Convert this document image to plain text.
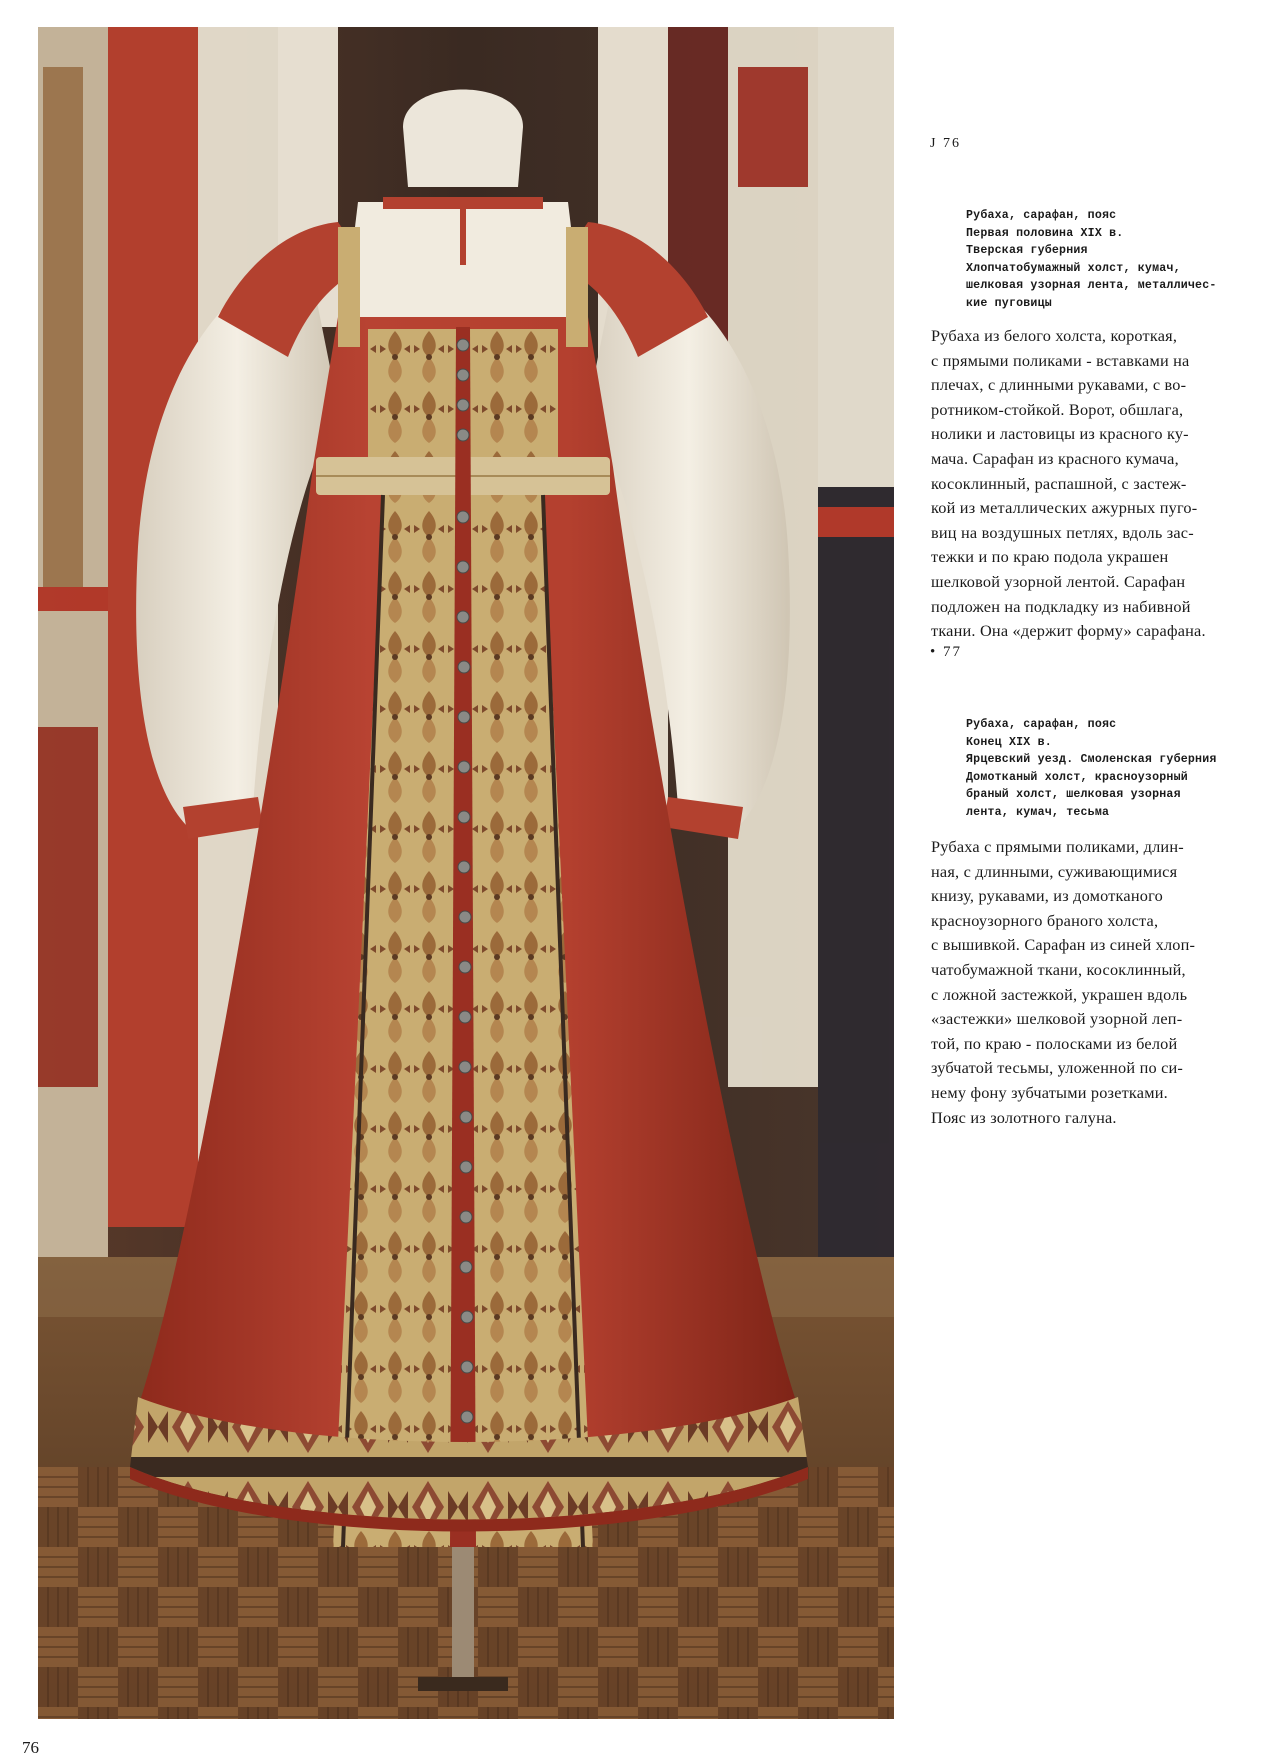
J 76
Рубаха, сарафан, пояс
Первая половина XIX в.
Тверская губерния
Хлопчатобумажный холст, кумач,
шелковая узорная лента, металличес-
кие пуговицы
Рубаха из белого холста, короткая,
с прямыми поликами - вставками на
плечах, с длинными рукавами, с во-
ротником-стойкой. Ворот, обшлага,
нолики и ластовицы из красного ку-
мача. Сарафан из красного кумача,
косоклинный, распашной, с застеж-
кой из металлических ажурных пуго-
виц на воздушных петлях, вдоль зас-
тежки и по краю подола украшен
шелковой узорной лентой. Сарафан
подложен на подкладку из набивной
ткани. Она «держит форму» сарафана.
• 77
Рубаха, сарафан, пояс
Конец XIX в.
Ярцевский уезд. Смоленская губерния
Домотканый холст, красноузорный
браный холст, шелковая узорная
лента, кумач, тесьма
Рубаха с прямыми поликами, длин-
ная, с длинными, суживающимися
книзу, рукавами, из домотканого
красноузорного браного холста,
с вышивкой. Сарафан из синей хлоп-
чатобумажной ткани, косоклинный,
с ложной застежкой, украшен вдоль
«застежки» шелковой узорной леп-
той, по краю - полосками из белой
зубчатой тесьмы, уложенной по си-
нему фону зубчатыми розетками.
Пояс из золотного галуна.
76
